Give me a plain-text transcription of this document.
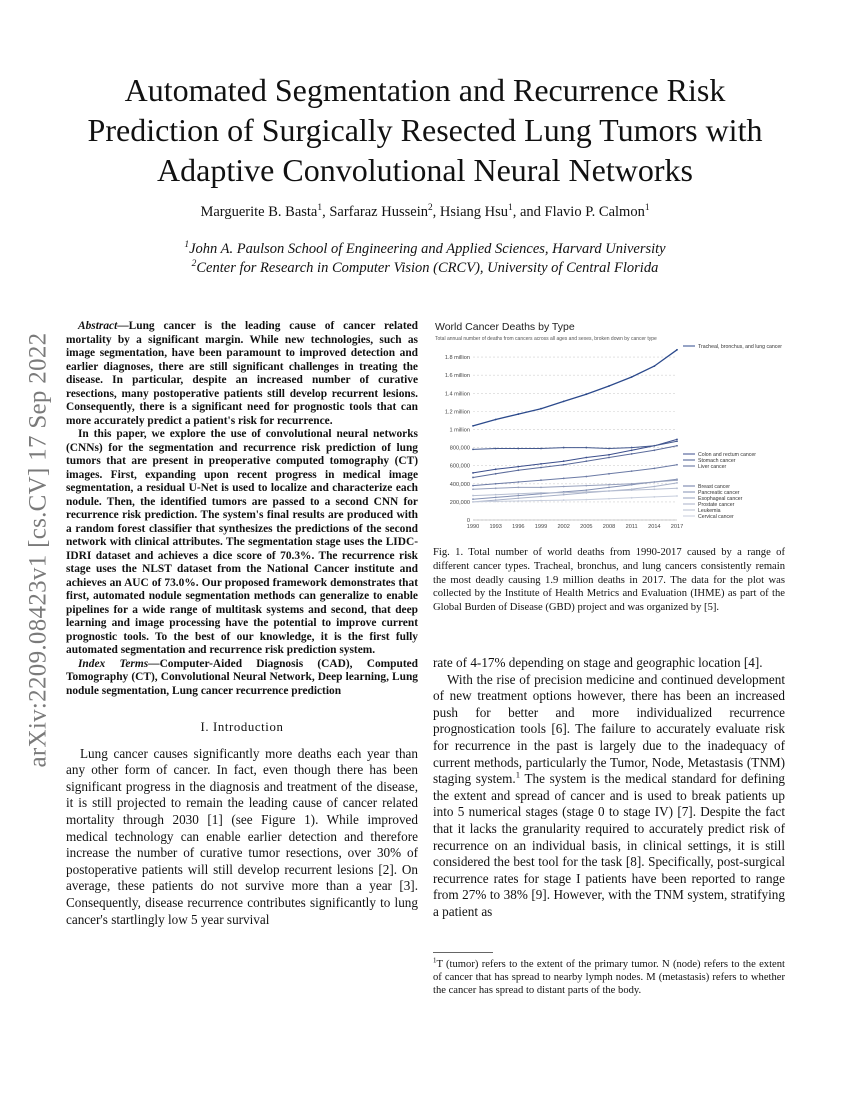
arXiv:2209.08423v1 [cs.CV] 17 Sep 2022
Automated Segmentation and Recurrence Risk Prediction of Surgically Resected Lung Tumors with Adaptive Convolutional Neural Networks
Marguerite B. Basta$^1$, Sarfaraz Hussein$^2$, Hsiang Hsu$^1$, and Flavio P. Calmon$^1$
$^1$John A. Paulson School of Engineering and Applied Sciences, Harvard University
$^2$Center for Research in Computer Vision (CRCV), University of Central Florida

Abstract—Lung cancer is the leading cause of cancer related mortality by a significant margin. While new technologies, such as image segmentation, have been paramount to improved detection and earlier diagnoses, there are still significant challenges in treating the disease. In particular, despite an increased number of curative resections, many postoperative patients still develop recurrent lesions. Consequently, there is a significant need for prognostic tools that can more accurately predict a patient's risk for recurrence.

In this paper, we explore the use of convolutional neural networks (CNNs) for the segmentation and recurrence risk prediction of lung tumors that are present in preoperative computed tomography (CT) images. First, expanding upon recent progress in medical image segmentation, a residual U-Net is used to localize and characterize each nodule. Then, the identified tumors are passed to a second CNN for recurrence risk prediction. The system's final results are produced with a random forest classifier that synthesizes the predictions of the second network with clinical attributes. The segmentation stage uses the LIDC-IDRI dataset and achieves a dice score of 70.3%. The recurrence risk stage uses the NLST dataset from the National Cancer institute and achieves an AUC of 73.0%. Our proposed framework demonstrates that first, automated nodule segmentation methods can generalize to enable pipelines for a wide range of multitask systems and second, that deep learning and image processing have the potential to improve current prognostic tools. To the best of our knowledge, it is the first fully automated segmentation and recurrence risk prediction system.

Index Terms—Computer-Aided Diagnosis (CAD), Computed Tomography (CT), Convolutional Neural Network, Deep learning, Lung nodule segmentation, Lung cancer recurrence prediction

I. Introduction

Lung cancer causes significantly more deaths each year than any other form of cancer. In fact, even though there has been significant progress in the diagnosis and treatment of the disease, it is still projected to remain the leading cause of cancer related mortality through 2030 [1] (see Figure 1). While improved medical technology can enable earlier detection and therefore increase the number of curative tumor resections, over 30% of postoperative patients will still develop recurrent lesions [2]. On average, these patients do not survive more than a year [3]. Consequently, disease recurrence contributes significantly to lung cancer's startlingly low 5 year survival

World Cancer Deaths by Type
Total annual number of deaths from cancers across all ages and sexes, broken down by cancer type
0
200,000
400,000
600,000
800,000
1 million
1.2 million
1.4 million
1.6 million
1.8 million
1990 1993 1996 1999 2002 2005 2008 2011 2014 2017
Tracheal, bronchus, and lung cancer
Colon and rectum cancer
Stomach cancer
Liver cancer
Breast cancer
Pancreatic cancer
Esophageal cancer
Prostate cancer
Leukemia
Cervical cancer
Fig. 1. Total number of world deaths from 1990-2017 caused by a range of different cancer types. Tracheal, bronchus, and lung cancers consistently remain the most deadly causing 1.9 million deaths in 2017. The data for the plot was collected by the Institute of Health Metrics and Evaluation (IHME) as part of the Global Burden of Disease (GBD) project and was organized by [5].

rate of 4-17% depending on stage and geographic location [4].

With the rise of precision medicine and continued development of new treatment options however, there has been an increased push for better and more individualized recurrence prognostication tools [6]. The failure to accurately evaluate risk for recurrence in the past is largely due to the inadequacy of current methods, particularly the Tumor, Node, Metastasis (TNM) staging system.$^1$ The system is the medical standard for defining the extent and spread of cancer and is used to break patients up into 5 numerical stages (stage 0 to stage IV) [7]. Despite the fact that it lacks the granularity required to accurately predict risk of recurrence on an individual basis, in clinical settings, it is still considered the best tool for the task [8]. Specifically, post-surgical recurrence rates for stage I patients have been reported to range from 27% to 38% [9]. However, with the TNM system, stratifying a patient as

$^1$T (tumor) refers to the extent of the primary tumor. N (node) refers to the extent of cancer that has spread to nearby lymph nodes. M (metastasis) refers to whether the cancer has spread to distant parts of the body.
